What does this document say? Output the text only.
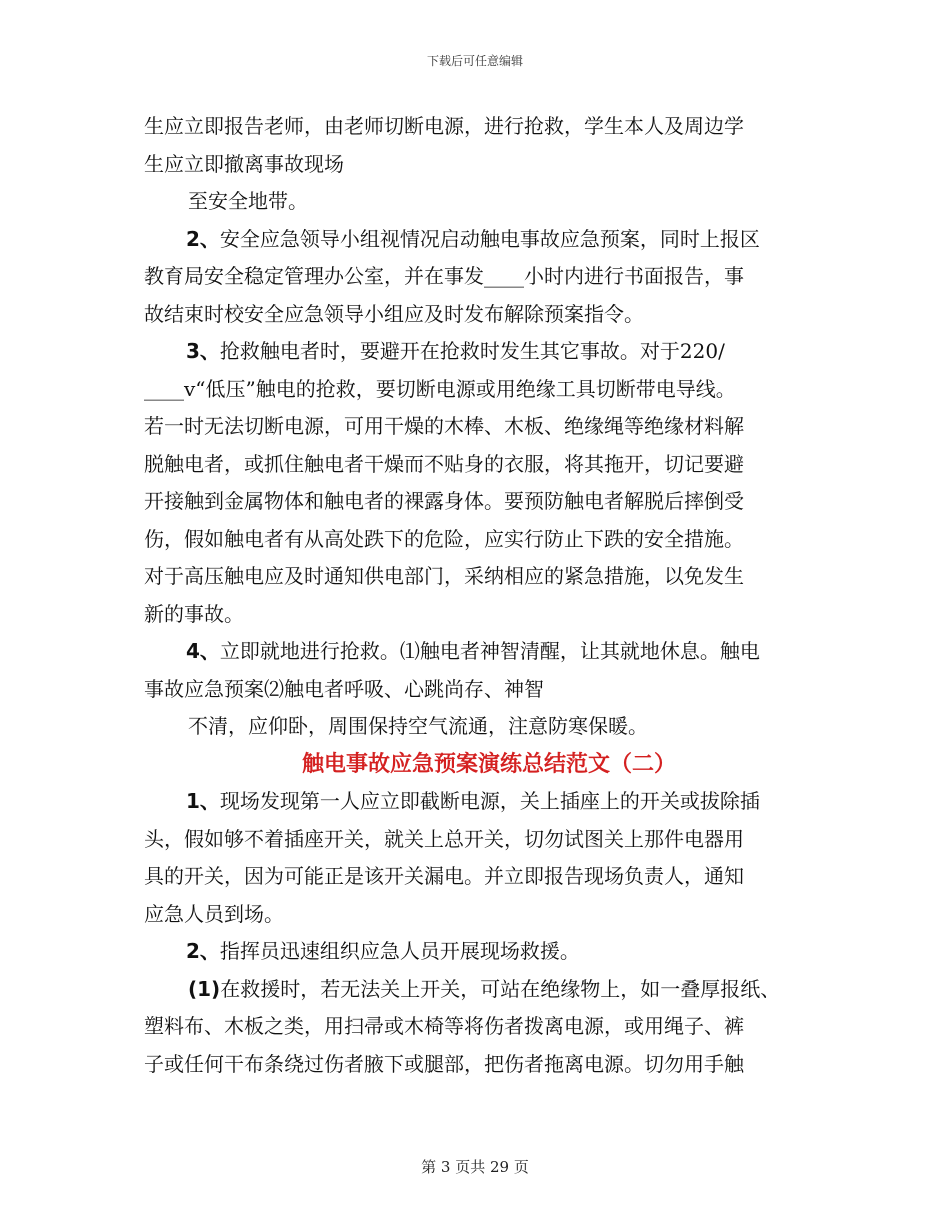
下载后可任意编辑
生应立即报告老师，由老师切断电源，进行抢救，学生本人及周边学
生应立即撤离事故现场
至安全地带。
2、安全应急领导小组视情况启动触电事故应急预案，同时上报区
教育局安全稳定管理办公室，并在事发____小时内进行书面报告，事
故结束时校安全应急领导小组应及时发布解除预案指令。
3、抢救触电者时，要避开在抢救时发生其它事故。对于220/
____v“低压”触电的抢救，要切断电源或用绝缘工具切断带电导线。
若一时无法切断电源，可用干燥的木棒、木板、绝缘绳等绝缘材料解
脱触电者，或抓住触电者干燥而不贴身的衣服，将其拖开，切记要避
开接触到金属物体和触电者的裸露身体。要预防触电者解脱后摔倒受
伤，假如触电者有从高处跌下的危险，应实行防止下跌的安全措施。
对于高压触电应及时通知供电部门，采纳相应的紧急措施，以免发生
新的事故。
4、立即就地进行抢救。⑴触电者神智清醒，让其就地休息。触电
事故应急预案⑵触电者呼吸、心跳尚存、神智
不清，应仰卧，周围保持空气流通，注意防寒保暖。
触电事故应急预案演练总结范文（二）
1、现场发现第一人应立即截断电源，关上插座上的开关或拔除插
头，假如够不着插座开关，就关上总开关，切勿试图关上那件电器用
具的开关，因为可能正是该开关漏电。并立即报告现场负责人，通知
应急人员到场。
2、指挥员迅速组织应急人员开展现场救援。
(1)在救援时，若无法关上开关，可站在绝缘物上，如一叠厚报纸、
塑料布、木板之类，用扫帚或木椅等将伤者拨离电源，或用绳子、裤
子或任何干布条绕过伤者腋下或腿部，把伤者拖离电源。切勿用手触
第 3 页共 29 页
